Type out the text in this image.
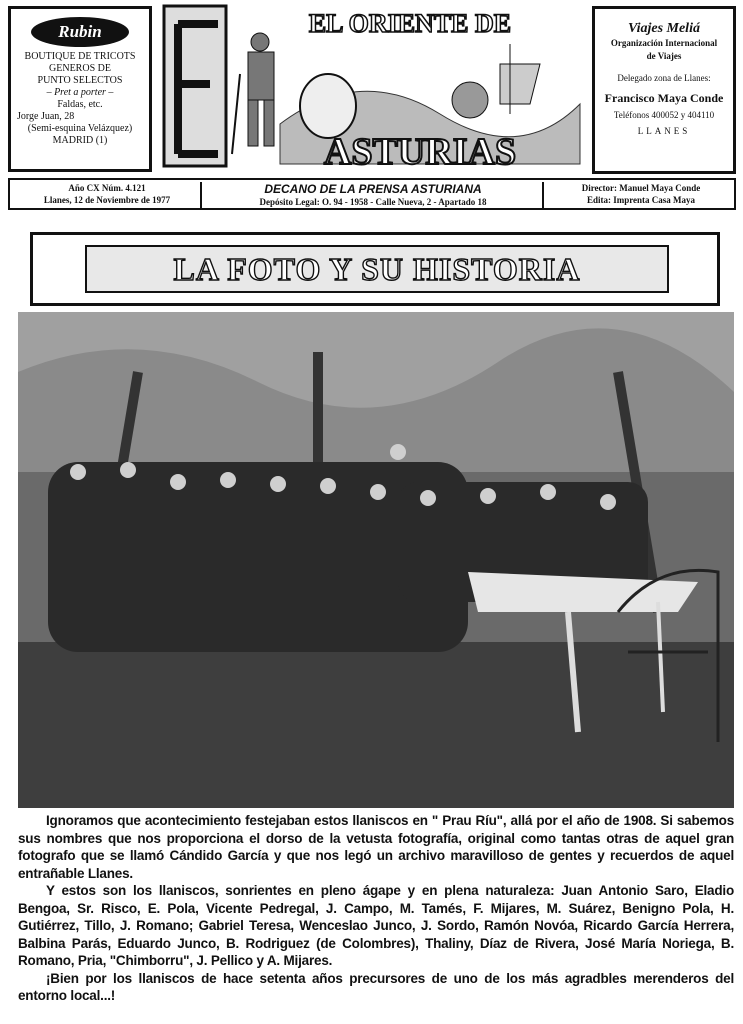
Rubin
BOUTIQUE DE TRICOTS
GENEROS DE
PUNTO SELECTOS
– Pret a porter –
Faldas, etc.
Jorge Juan, 28
(Semi-esquina Velázquez)
MADRID (1)
EL ORIENTE DE
ASTURIAS
Viajes Meliá
Organización Internacional
de Viajes
Delegado zona de Llanes:
Francisco Maya Conde
Teléfonos 400052 y 404110
LLANES
Año CX Núm. 4.121
Llanes, 12 de Noviembre de 1977
DECANO DE LA PRENSA ASTURIANA
Depósito Legal: O. 94 - 1958 - Calle Nueva, 2 - Apartado 18
Director: Manuel Maya Conde
Edita: Imprenta Casa Maya
LA FOTO Y SU HISTORIA

Ignoramos que acontecimiento festejaban estos llaniscos en " Prau Ríu", allá por el año de 1908. Si sabemos sus nombres que nos proporciona el dorso de la vetusta fotografía, original como tantas otras de aquel gran fotografo que se llamó Cándido García y que nos legó un archivo maravilloso de gentes y recuerdos de aquel entrañable Llanes.

Y estos son los llaniscos, sonrientes en pleno ágape y en plena naturaleza: Juan Antonio Saro, Eladio Bengoa, Sr. Risco, E. Pola, Vicente Pedregal, J. Campo, M. Tamés, F. Mijares, M. Suárez, Benigno Pola, H. Gutiérrez, Tillo, J. Romano; Gabriel Teresa, Wenceslao Junco, J. Sordo, Ramón Novóa, Ricardo García Herrera, Balbina Parás, Eduardo Junco, B. Rodriguez (de Colombres), Thaliny, Díaz de Rivera, José María Noriega, B. Romano, Pria, "Chimborru", J. Pellico y A. Mijares.

¡Bien por los llaniscos de hace setenta años precursores de uno de los más agradbles merenderos del entorno local...!
